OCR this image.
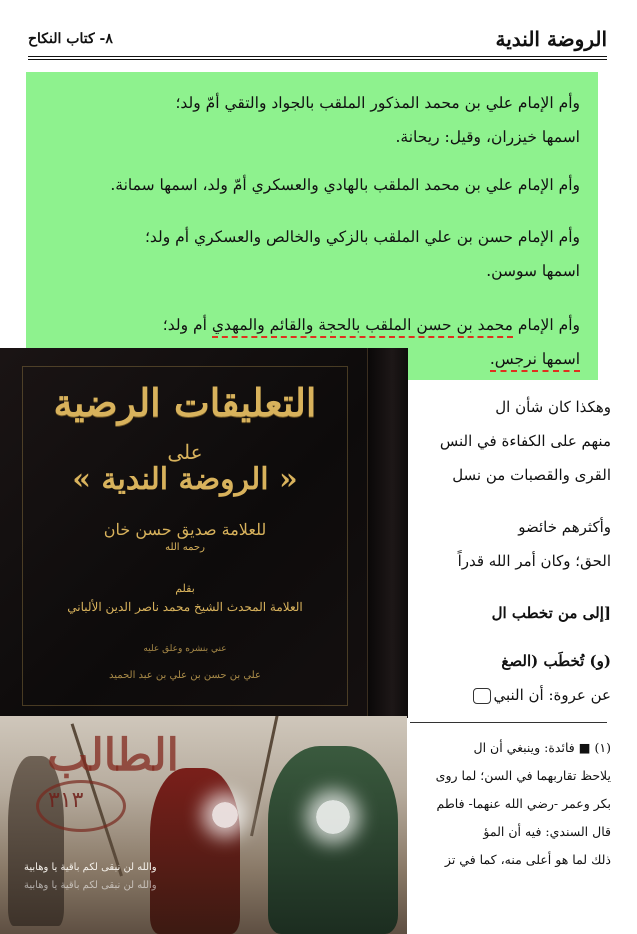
الروضة الندية
٨- كتاب النكاح
وأم الإمام علي بن محمد المذكور الملقب بالجواد والتقي أمّ ولد؛
اسمها خيزران، وقيل: ريحانة.
وأم الإمام علي بن محمد الملقب بالهادي والعسكري أمّ ولد، اسمها سمانة.
وأم الإمام حسن بن علي الملقب بالزكي والخالص والعسكري أم ولد؛
اسمها سوسن.
وأم الإمام محمد بن حسن الملقب بالحجة والقائم والمهدي أم ولد؛
اسمها نرجس.
وهكذا كان شأن ال
منهم على الكفاءة في النس
القرى والقصبات من نسل
وأكثرهم خائضو
الحق؛ وكان أمر الله قدراً
[إلى من تخطب ال
(و) تُخطَب (الصغ
عن عروة: أن النبي
(١) ■ فائدة: وينبغي أن ال
يلاحظ تقاربهما في السن؛ لما روى
بكر وعمر -رضي الله عنهما- فاطم
قال السندي: فيه أن المؤ
ذلك لما هو أعلى منه، كما في تز
التعليقات الرضية
على
« الروضة الندية »
للعلامة صديق حسن خان
رحمه الله
بقلم
العلامة المحدث الشيخ محمد ناصر الدين الألباني
عني بنشره وعلق عليه
علي بن حسن بن علي بن عبد الحميد
الطالب
٣١٣
والله لن نبقى لكم باقية يا وهابية
والله لن نبقى لكم باقية يا وهابية
